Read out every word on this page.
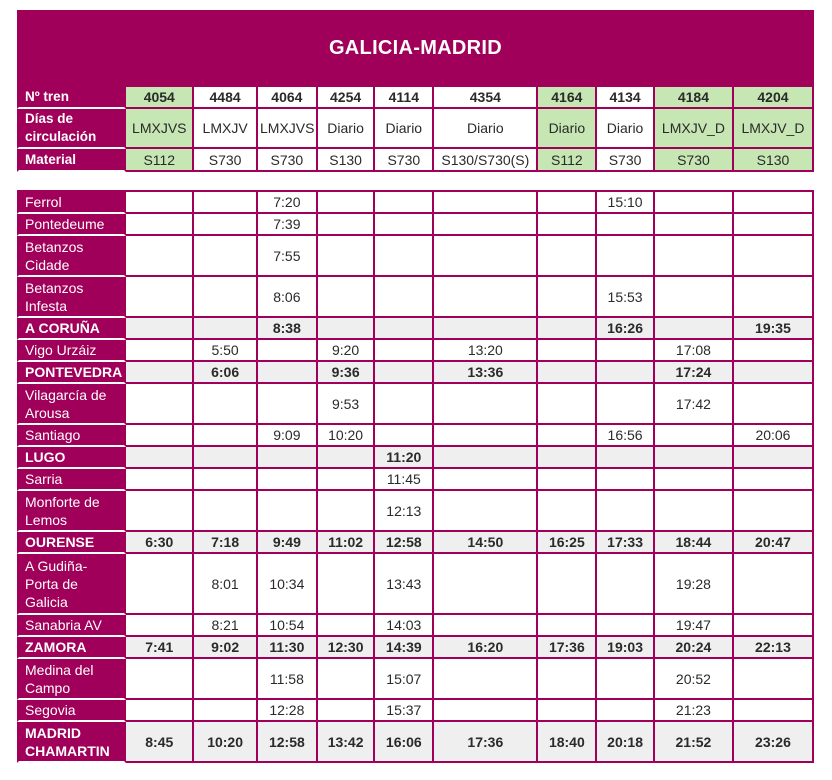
GALICIA-MADRID
Nº tren	4054	4484	4064	4254	4114	4354	4164	4134	4184	4204

Días de
circulación	LMXJVS	LMXJV	LMXJVS	Diario	Diario	Diario	Diario	Diario	LMXJV_D	LMXJV_D
Material	S112	S730	S730	S130	S730	S130/S730(S)	S112	S730	S730	S130
Ferrol			7:20					15:10		

Pontedeume			7:39							

Betanzos
Cidade			7:55							

Betanzos
Infesta			8:06					15:53		

A CORUÑA			8:38					16:26		19:35

Vigo Urzáiz		5:50		9:20		13:20			17:08	

PONTEVEDRA		6:06		9:36		13:36			17:24	

Vilagarcía de
Arousa				9:53					17:42	

Santiago			9:09	10:20				16:56		20:06

LUGO					11:20					

Sarria					11:45					

Monforte de
Lemos					12:13					

OURENSE	6:30	7:18	9:49	11:02	12:58	14:50	16:25	17:33	18:44	20:47

A Gudiña-
Porta de
Galicia		8:01	10:34		13:43				19:28	

Sanabria AV		8:21	10:54		14:03				19:47	

ZAMORA	7:41	9:02	11:30	12:30	14:39	16:20	17:36	19:03	20:24	22:13

Medina del
Campo			11:58		15:07				20:52	

Segovia			12:28		15:37				21:23	

MADRID
CHAMARTIN	8:45	10:20	12:58	13:42	16:06	17:36	18:40	20:18	21:52	23:26
